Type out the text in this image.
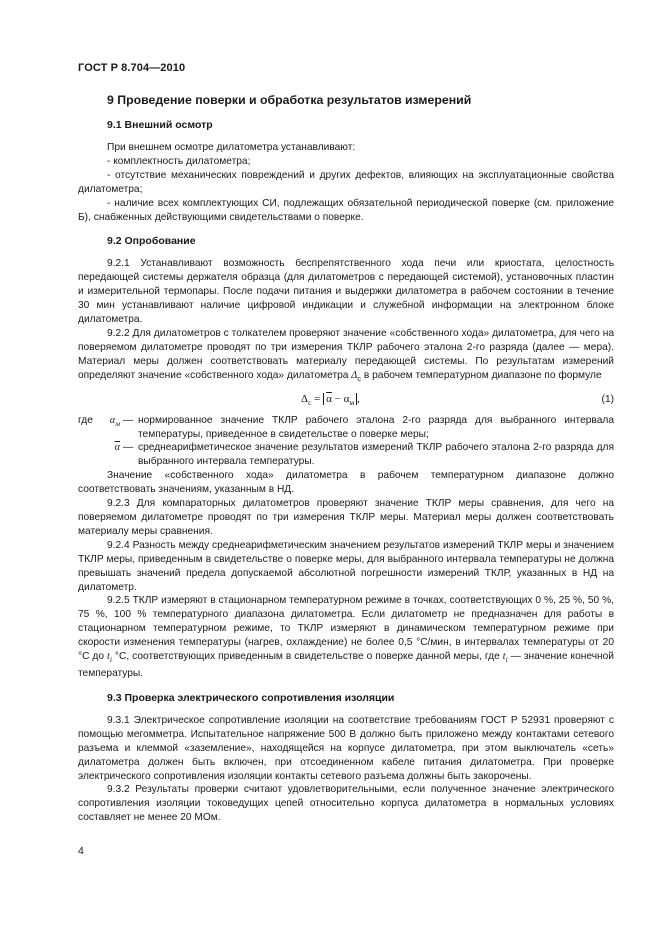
ГОСТ Р 8.704—2010
9 Проведение поверки и обработка результатов измерений
9.1 Внешний осмотр

При внешнем осмотре дилатометра устанавливают:

- комплектность дилатометра;

- отсутствие механических повреждений и других дефектов, влияющих на эксплуатационные свойства дилатометра;

- наличие всех комплектующих СИ, подлежащих обязательной периодической поверке (см. приложение Б), снабженных действующими свидетельствами о поверке.

9.2 Опробование

9.2.1 Устанавливают возможность беспрепятственного хода печи или криостата, целостность передающей системы держателя образца (для дилатометров с передающей системой), установочных пластин и измерительной термопары. После подачи питания и выдержки дилатометра в рабочем состоянии в течение 30 мин устанавливают наличие цифровой индикации и служебной информации на электронном блоке дилатометра.

9.2.2 Для дилатометров с толкателем проверяют значение «собственного хода» дилатометра, для чего на поверяемом дилатометре проводят по три измерения ТКЛР рабочего эталона 2-го разряда (далее — мера). Материал меры должен соответствовать материалу передающей системы. По результатам измерений определяют значение «собственного хода» дилатометра $\Delta_c$ в рабочем температурном диапазоне по формуле

$\Delta_c = \overline{\alpha} - \alpha_м$ ,	(1)
где $\alpha_м$ — нормированное значение ТКЛР рабочего эталона 2-го разряда для выбранного интервала температуры, приведенное в свидетельстве о поверке меры;

$\overline{\alpha}$ — среднеарифметическое значение результатов измерений ТКЛР рабочего эталона 2-го разряда для выбранного интервала температуры.

Значение «собственного хода» дилатометра в рабочем температурном диапазоне должно соответствовать значениям, указанным в НД.

9.2.3 Для компараторных дилатометров проверяют значение ТКЛР меры сравнения, для чего на поверяемом дилатометре проводят по три измерения ТКЛР меры. Материал меры должен соответствовать материалу меры сравнения.

9.2.4 Разность между среднеарифметическим значением результатов измерений ТКЛР меры и значением ТКЛР меры, приведенным в свидетельстве о поверке меры, для выбранного интервала температуры не должна превышать значений предела допускаемой абсолютной погрешности измерений ТКЛР, указанных в НД на дилатометр.

9.2.5 ТКЛР измеряют в стационарном температурном режиме в точках, соответствующих 0 %, 25 %, 50 %, 75 %, 100 % температурного диапазона дилатометра. Если дилатометр не предназначен для работы в стационарном температурном режиме, то ТКЛР измеряют в динамическом температурном режиме при скорости изменения температуры (нагрев, охлаждение) не более 0,5 °С/мин, в интервалах температуры от 20 °С до $t_i$ °С, соответствующих приведенным в свидетельстве о поверке данной меры, где $t_i$ — значение конечной температуры.

9.3 Проверка электрического сопротивления изоляции

9.3.1 Электрическое сопротивление изоляции на соответствие требованиям ГОСТ Р 52931 проверяют с помощью мегомметра. Испытательное напряжение 500 В должно быть приложено между контактами сетевого разъема и клеммой «заземление», находящейся на корпусе дилатометра, при этом выключатель «сеть» дилатометра должен быть включен, при отсоединенном кабеле питания дилатометра. При проверке электрического сопротивления изоляции контакты сетевого разъема должны быть закорочены.

9.3.2 Результаты проверки считают удовлетворительными, если полученное значение электрического сопротивления изоляции токоведущих цепей относительно корпуса дилатометра в нормальных условиях составляет не менее 20 МОм.

4
